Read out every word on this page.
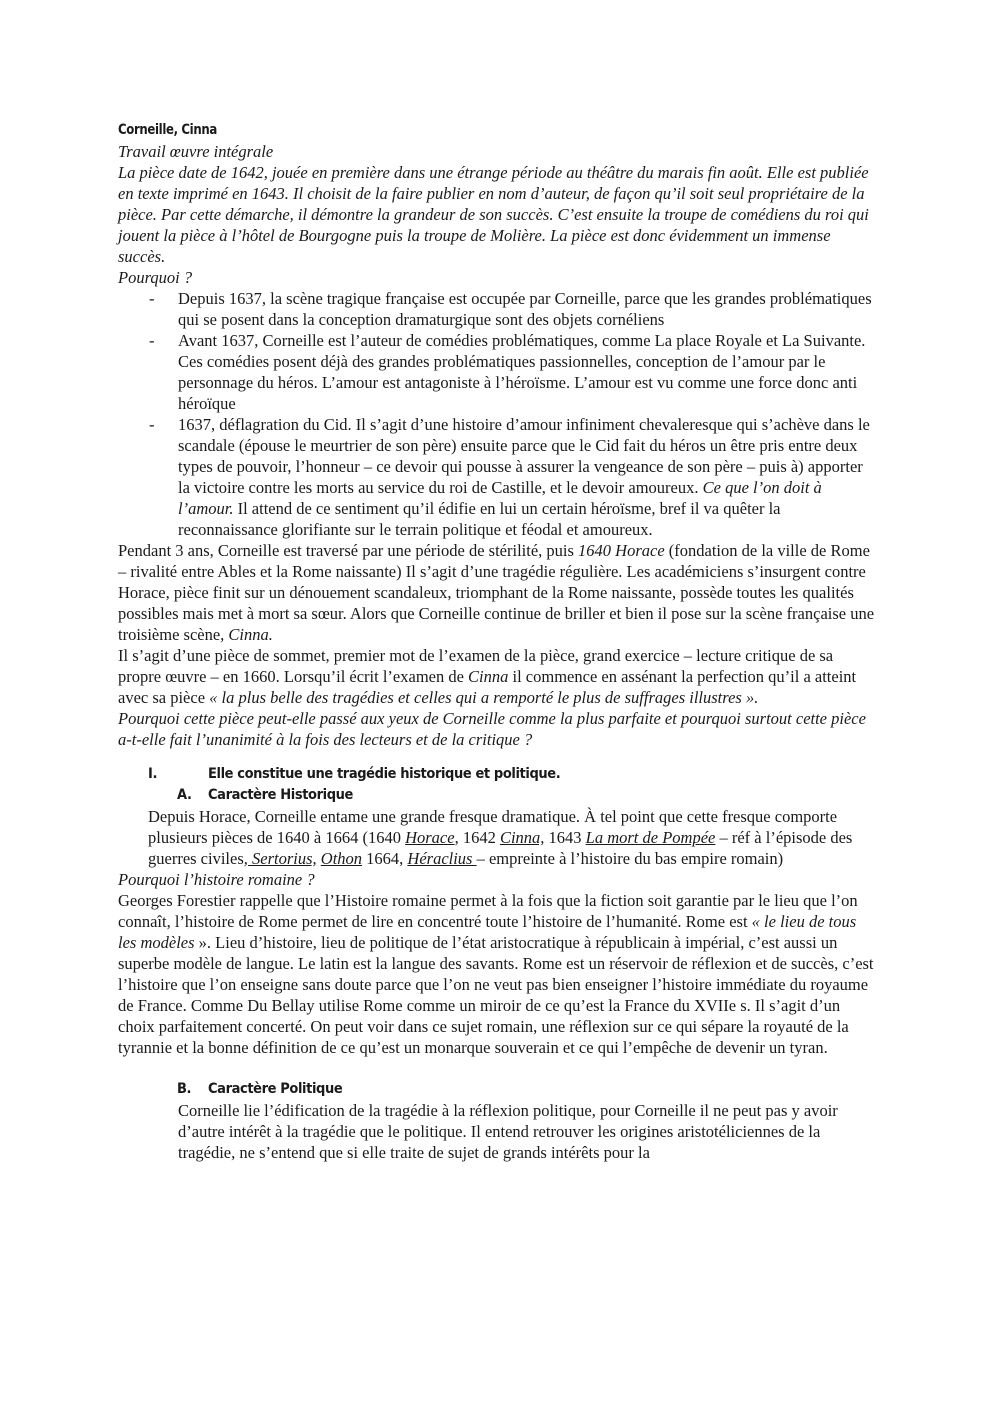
Corneille, Cinna

Travail œuvre intégrale

La pièce date de 1642, jouée en première dans une étrange période au théâtre du marais fin août. Elle est publiée en texte imprimé en 1643. Il choisit de la faire publier en nom d’auteur, de façon qu’il soit seul propriétaire de la pièce. Par cette démarche, il démontre la grandeur de son succès. C’est ensuite la troupe de comédiens du roi qui jouent la pièce à l’hôtel de Bourgogne puis la troupe de Molière. La pièce est donc évidemment un immense succès.

Pourquoi ?

- Depuis 1637, la scène tragique française est occupée par Corneille, parce que les grandes problématiques qui se posent dans la conception dramaturgique sont des objets cornéliens
- Avant 1637, Corneille est l’auteur de comédies problématiques, comme La place Royale et La Suivante. Ces comédies posent déjà des grandes problématiques passionnelles, conception de l’amour par le personnage du héros. L’amour est antagoniste à l’héroïsme. L’amour est vu comme une force donc anti héroïque
- 1637, déflagration du Cid. Il s’agit d’une histoire d’amour infiniment chevaleresque qui s’achève dans le scandale (épouse le meurtrier de son père) ensuite parce que le Cid fait du héros un être pris entre deux types de pouvoir, l’honneur – ce devoir qui pousse à assurer la vengeance de son père – puis à) apporter la victoire contre les morts au service du roi de Castille, et le devoir amoureux. Ce que l’on doit à l’amour. Il attend de ce sentiment qu’il édifie en lui un certain héroïsme, bref il va quêter la reconnaissance glorifiante sur le terrain politique et féodal et amoureux.

Pendant 3 ans, Corneille est traversé par une période de stérilité, puis 1640 Horace (fondation de la ville de Rome – rivalité entre Ables et la Rome naissante) Il s’agit d’une tragédie régulière. Les académiciens s’insurgent contre Horace, pièce finit sur un dénouement scandaleux, triomphant de la Rome naissante, possède toutes les qualités possibles mais met à mort sa sœur. Alors que Corneille continue de briller et bien il pose sur la scène française une troisième scène, Cinna.

Il s’agit d’une pièce de sommet, premier mot de l’examen de la pièce, grand exercice – lecture critique de sa propre œuvre – en 1660. Lorsqu’il écrit l’examen de Cinna il commence en assénant la perfection qu’il a atteint avec sa pièce « la plus belle des tragédies et celles qui a remporté le plus de suffrages illustres ».

Pourquoi cette pièce peut-elle passé aux yeux de Corneille comme la plus parfaite et pourquoi surtout cette pièce a-t-elle fait l’unanimité à la fois des lecteurs et de la critique ?

I.	Elle constitue une tragédie historique et politique.
A. Caractère Historique

Depuis Horace, Corneille entame une grande fresque dramatique. À tel point que cette fresque comporte plusieurs pièces de 1640 à 1664 (1640 Horace, 1642 Cinna, 1643 La mort de Pompée – réf à l’épisode des guerres civiles, Sertorius, Othon 1664, Héraclius – empreinte à l’histoire du bas empire romain)

Pourquoi l’histoire romaine ?

Georges Forestier rappelle que l’Histoire romaine permet à la fois que la fiction soit garantie par le lieu que l’on connaît, l’histoire de Rome permet de lire en concentré toute l’histoire de l’humanité. Rome est « le lieu de tous les modèles ». Lieu d’histoire, lieu de politique de l’état aristocratique à républicain à impérial, c’est aussi un superbe modèle de langue. Le latin est la langue des savants. Rome est un réservoir de réflexion et de succès, c’est l’histoire que l’on enseigne sans doute parce que l’on ne veut pas bien enseigner l’histoire immédiate du royaume de France. Comme Du Bellay utilise Rome comme un miroir de ce qu’est la France du XVIIe s. Il s’agit d’un choix parfaitement concerté. On peut voir dans ce sujet romain, une réflexion sur ce qui sépare la royauté de la tyrannie et la bonne définition de ce qu’est un monarque souverain et ce qui l’empêche de devenir un tyran.

B. Caractère Politique

Corneille lie l’édification de la tragédie à la réflexion politique, pour Corneille il ne peut pas y avoir d’autre intérêt à la tragédie que le politique. Il entend retrouver les origines aristotéliciennes de la tragédie, ne s’entend que si elle traite de sujet de grands intérêts pour la
